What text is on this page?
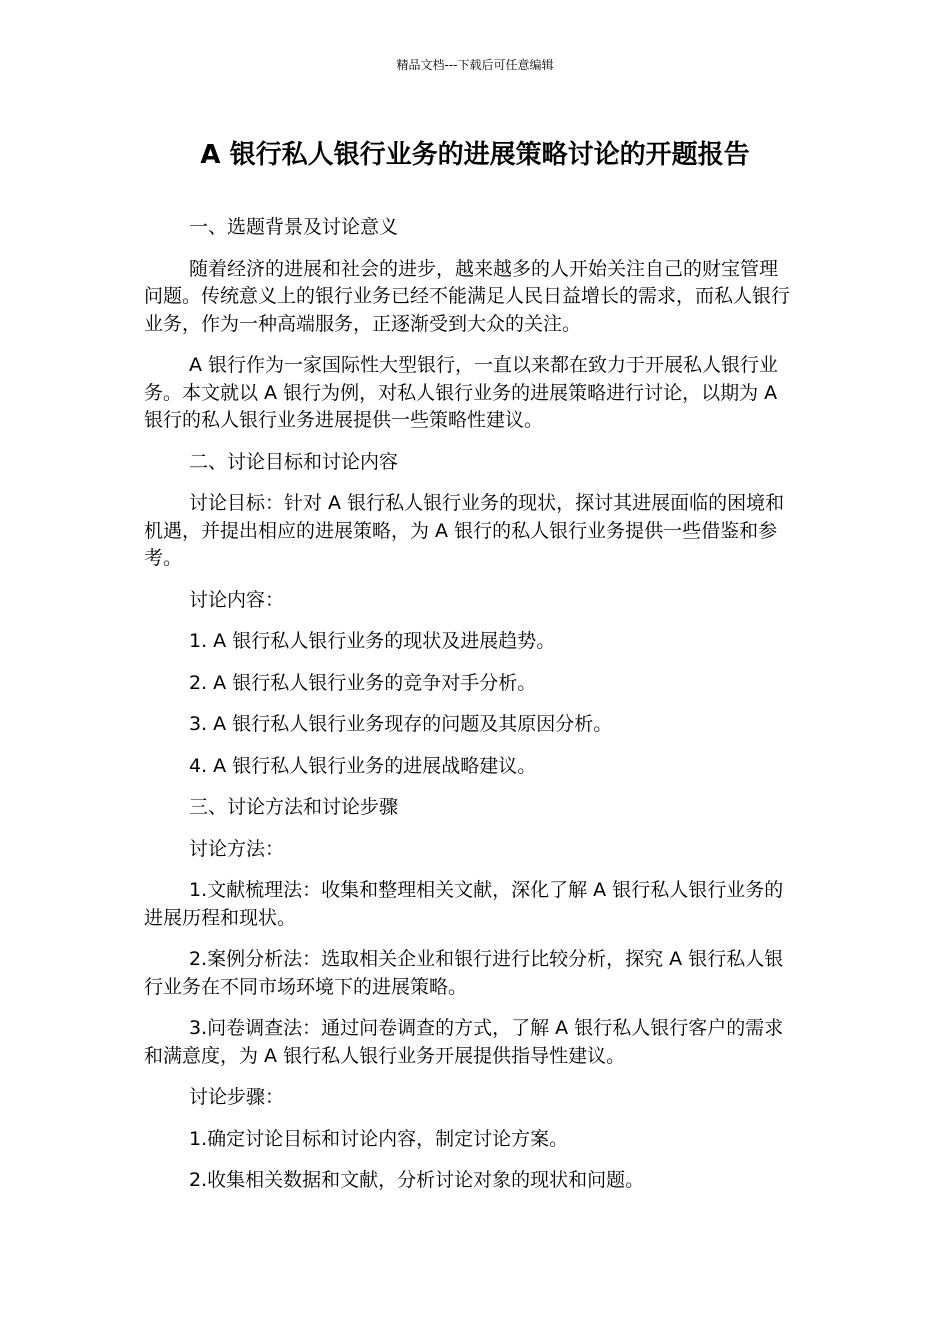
精品文档---下载后可任意编辑
A 银行私人银行业务的进展策略讨论的开题报告

一、选题背景及讨论意义

随着经济的进展和社会的进步，越来越多的人开始关注自己的财宝管理问题。传统意义上的银行业务已经不能满足人民日益增长的需求，而私人银行业务，作为一种高端服务，正逐渐受到大众的关注。

A 银行作为一家国际性大型银行，一直以来都在致力于开展私人银行业务。本文就以 A 银行为例，对私人银行业务的进展策略进行讨论，以期为 A 银行的私人银行业务进展提供一些策略性建议。

二、讨论目标和讨论内容

讨论目标：针对 A 银行私人银行业务的现状，探讨其进展面临的困境和机遇，并提出相应的进展策略，为 A 银行的私人银行业务提供一些借鉴和参考。

讨论内容：

1. A 银行私人银行业务的现状及进展趋势。

2. A 银行私人银行业务的竞争对手分析。

3. A 银行私人银行业务现存的问题及其原因分析。

4. A 银行私人银行业务的进展战略建议。

三、讨论方法和讨论步骤

讨论方法：

1.文献梳理法：收集和整理相关文献，深化了解 A 银行私人银行业务的进展历程和现状。

2.案例分析法：选取相关企业和银行进行比较分析，探究 A 银行私人银行业务在不同市场环境下的进展策略。

3.问卷调查法：通过问卷调查的方式，了解 A 银行私人银行客户的需求和满意度，为 A 银行私人银行业务开展提供指导性建议。

讨论步骤：

1.确定讨论目标和讨论内容，制定讨论方案。

2.收集相关数据和文献，分析讨论对象的现状和问题。
